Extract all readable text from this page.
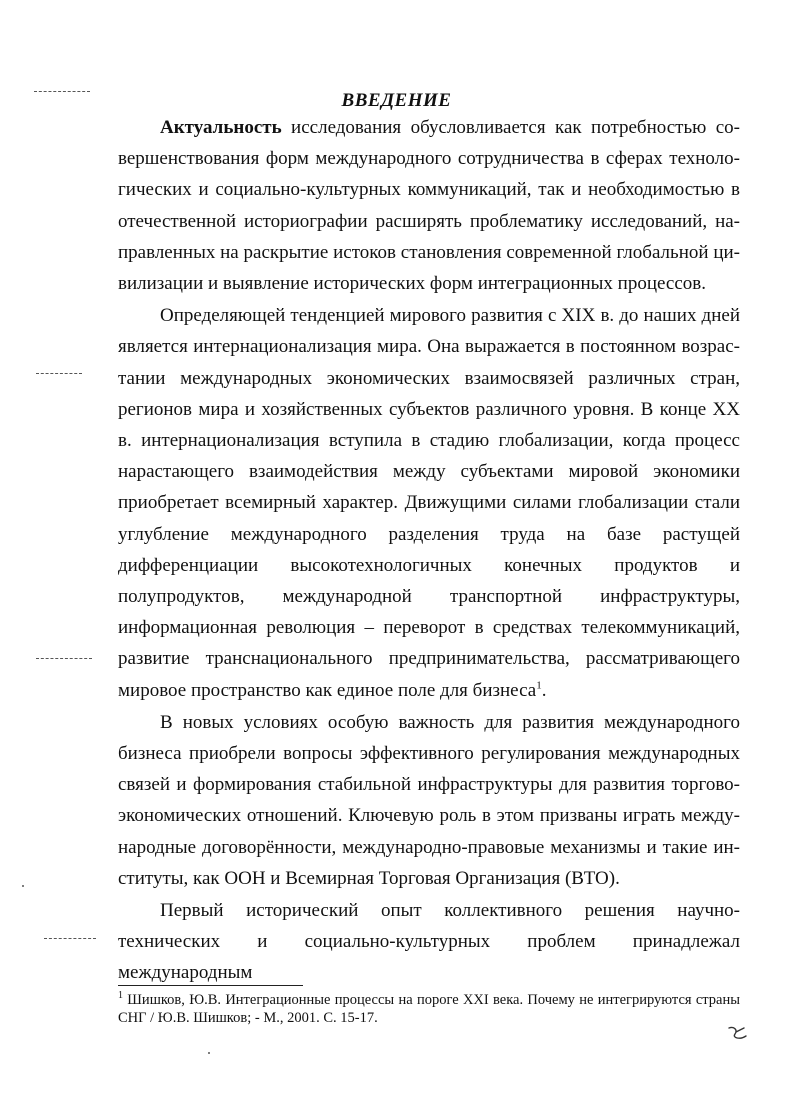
ВВЕДЕНИЕ

Актуальность исследования обусловливается как потребностью совершенствования форм международного сотрудничества в сферах технологических и социально-культурных коммуникаций, так и необходимостью в отечественной историографии расширять проблематику исследований, направленных на раскрытие истоков становления современной глобальной цивилизации и выявление исторических форм интеграционных процессов.

Определяющей тенденцией мирового развития с XIX в. до наших дней является интернационализация мира. Она выражается в постоянном возрастании международных экономических взаимосвязей различных стран, регионов мира и хозяйственных субъектов различного уровня. В конце XX в. интернационализация вступила в стадию глобализации, когда процесс нарастающего взаимодействия между субъектами мировой экономики приобретает всемирный характер. Движущими силами глобализации стали углубление международного разделения труда на базе растущей дифференциации высокотехнологичных конечных продуктов и полупродуктов, международной транспортной инфраструктуры, информационная революция – переворот в средствах телекоммуникаций, развитие транснационального предпринимательства, рассматривающего мировое пространство как единое поле для бизнеса$^1$.

В новых условиях особую важность для развития международного бизнеса приобрели вопросы эффективного регулирования международных связей и формирования стабильной инфраструктуры для развития торгово-экономических отношений. Ключевую роль в этом призваны играть международные договорённости, международно-правовые механизмы и такие институты, как ООН и Всемирная Торговая Организация (ВТО).

Первый исторический опыт коллективного решения научно-технических и социально-культурных проблем принадлежал международным

$^1$ Шишков, Ю.В. Интеграционные процессы на пороге XXI века. Почему не интегрируются страны СНГ / Ю.В. Шишков; - М., 2001. С. 15-17.
